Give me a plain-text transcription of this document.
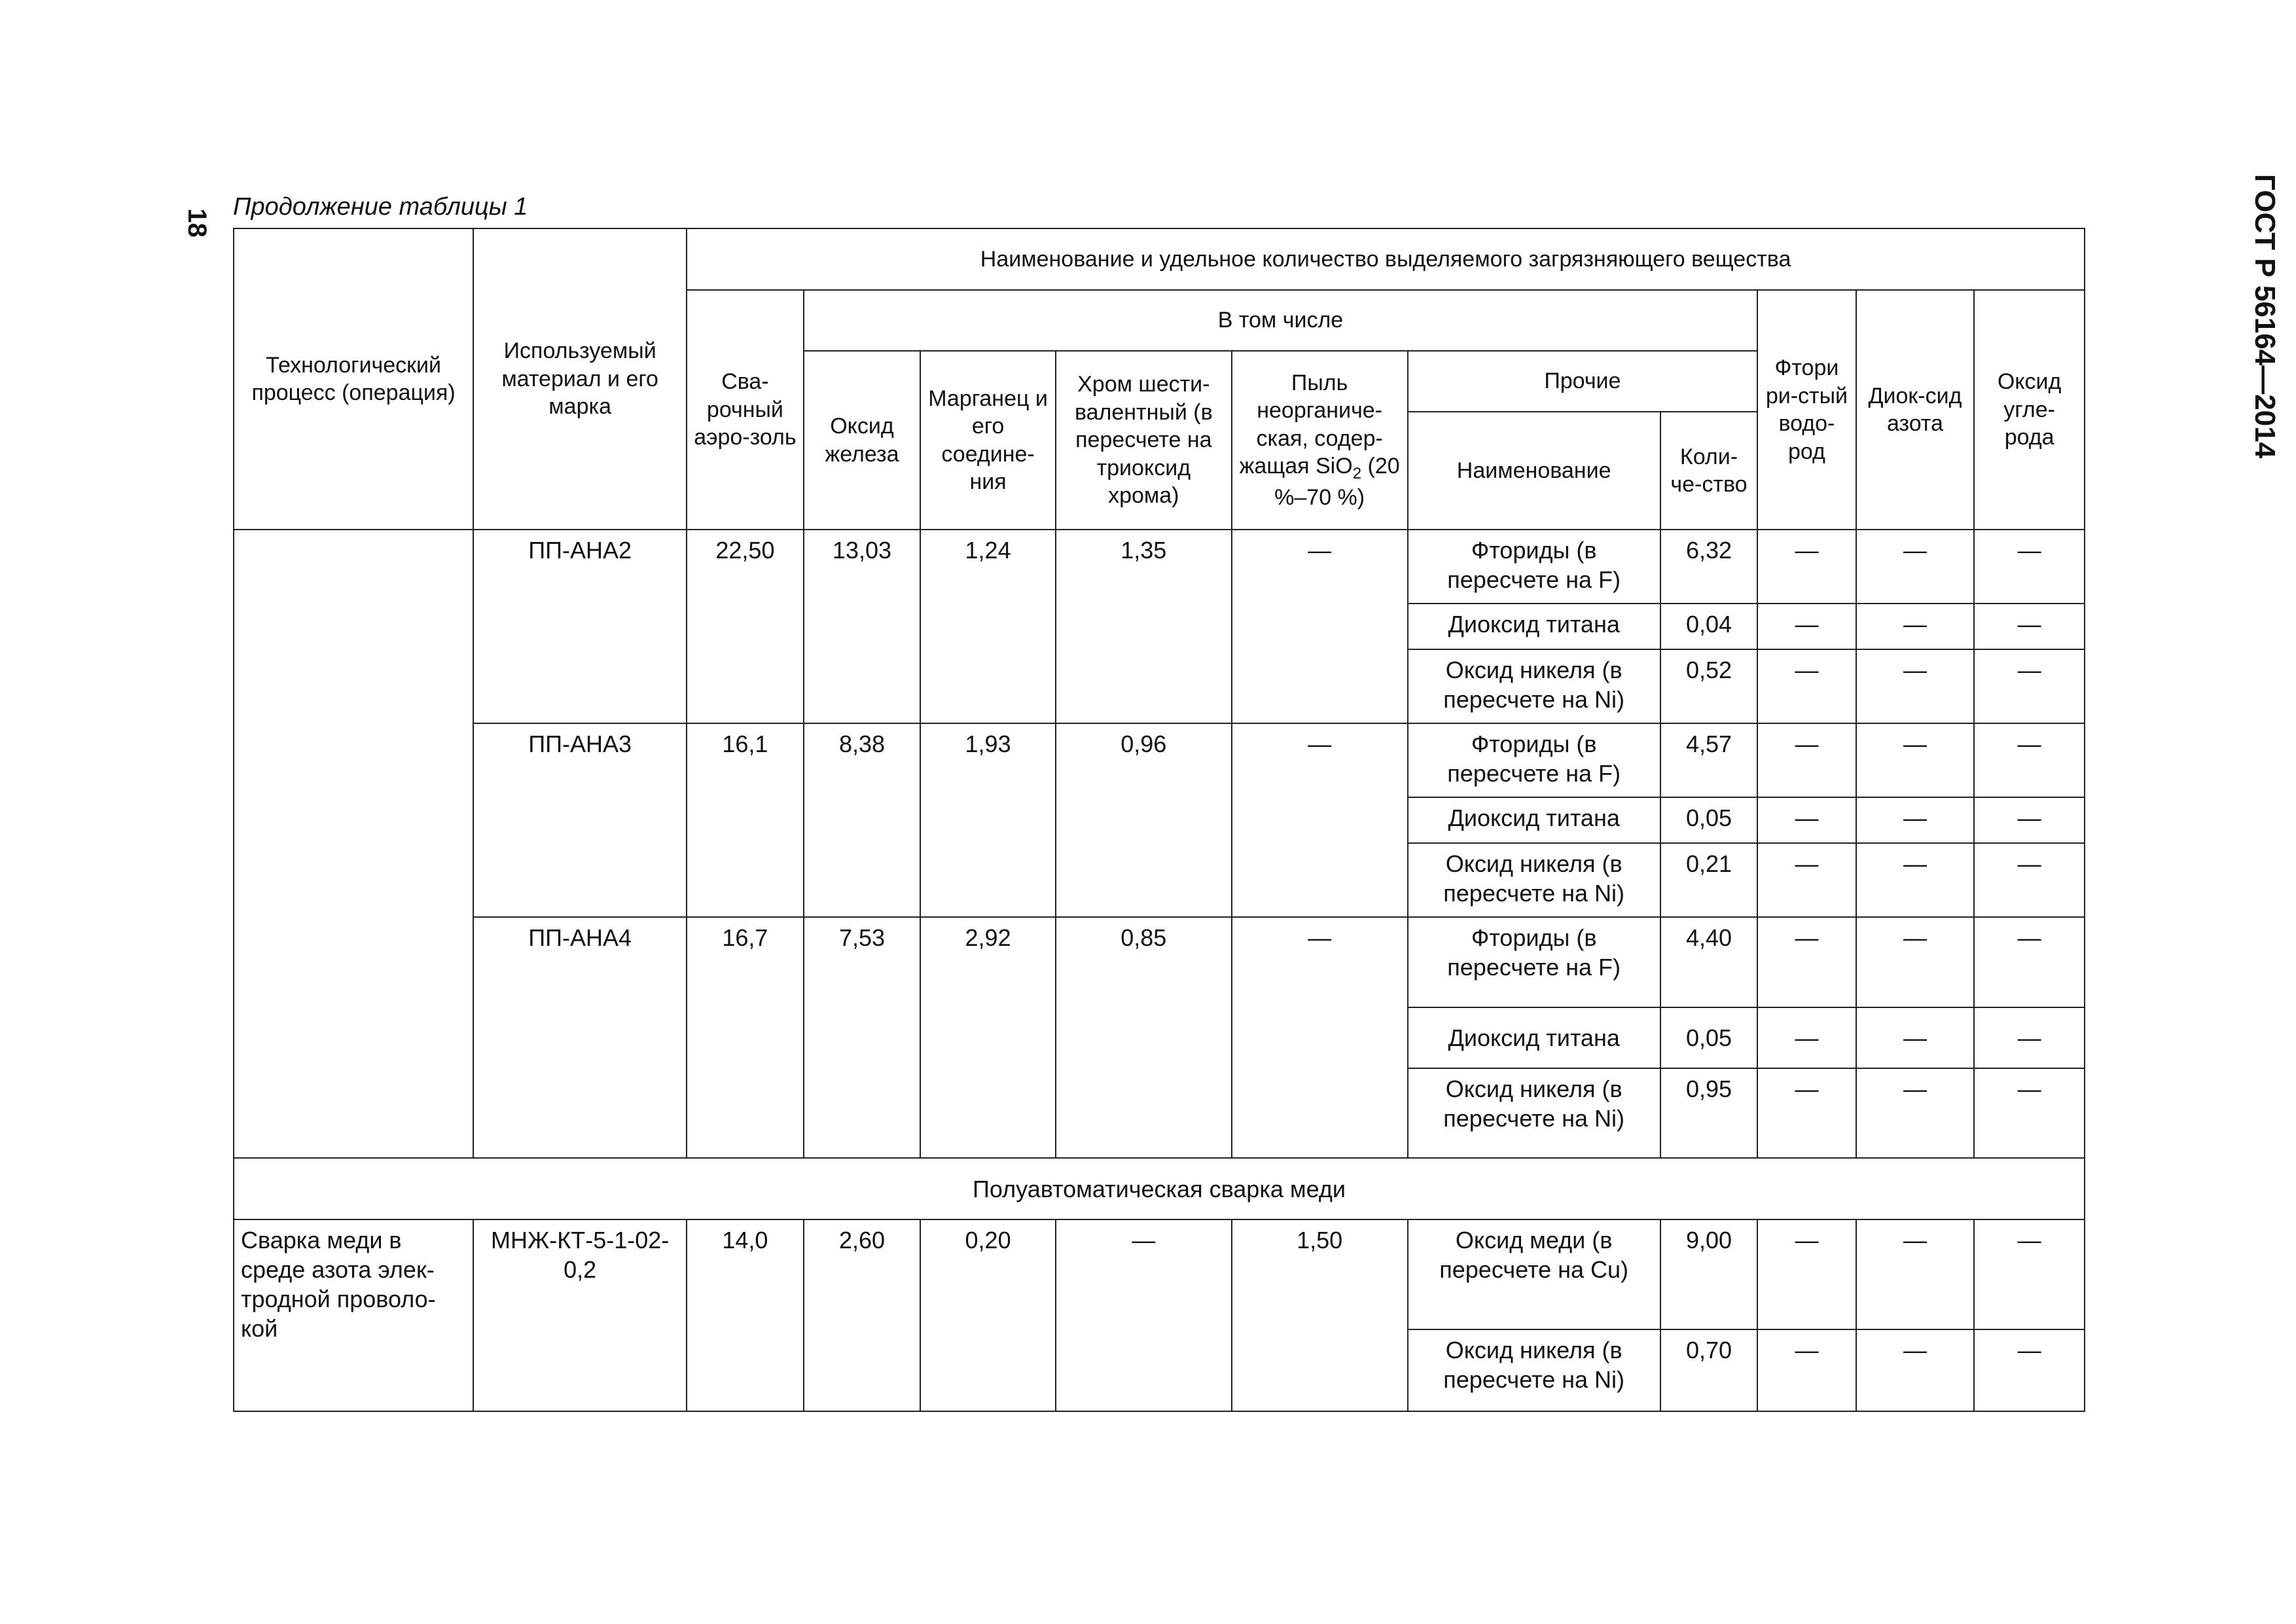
18
Продолжение таблицы 1	ГОСТ Р 56164—2014
Технологический процесс (операция)	Используемый материал и его марка	Наименование и удельное количество выделяемого загрязняющего вещества									
		Сва-рочный аэро-золь	В том числе						Фтори ри-стый водо-род	Диок-сид азота	Оксид угле-рода
			Оксид железа	Марганец и его соедине-ния	Хром шести-валентный (в пересчете на триоксид хрома)	Пыль неорганиче-ская, содер-жащая SiO$_2$ (20 %–70 %)	Прочие				
							Наименование	Коли-че-ство			

	ПП-АНА2	22,50	13,03	1,24	1,35	—	Фториды (в пересчете на F)	6,32	—	—	—
							Диоксид титана	0,04	—	—	—
							Оксид никеля (в пересчете на Ni)	0,52	—	—	—
	ПП-АНА3	16,1	8,38	1,93	0,96	—	Фториды (в пересчете на F)	4,57	—	—	—
							Диоксид титана	0,05	—	—	—
							Оксид никеля (в пересчете на Ni)	0,21	—	—	—
	ПП-АНА4	16,7	7,53	2,92	0,85	—	Фториды (в пересчете на F)	4,40	—	—	—
							Диоксид титана	0,05	—	—	—
							Оксид никеля (в пересчете на Ni)	0,95	—	—	—
Полуавтоматическая сварка меди											
Сварка меди в среде азота элек-тродной проволо-кой	МНЖ-КТ-5-1-02-0,2	14,0	2,60	0,20	—	1,50	Оксид меди (в пересчете на Cu)	9,00	—	—	—
							Оксид никеля (в пересчете на Ni)	0,70	—	—	—
